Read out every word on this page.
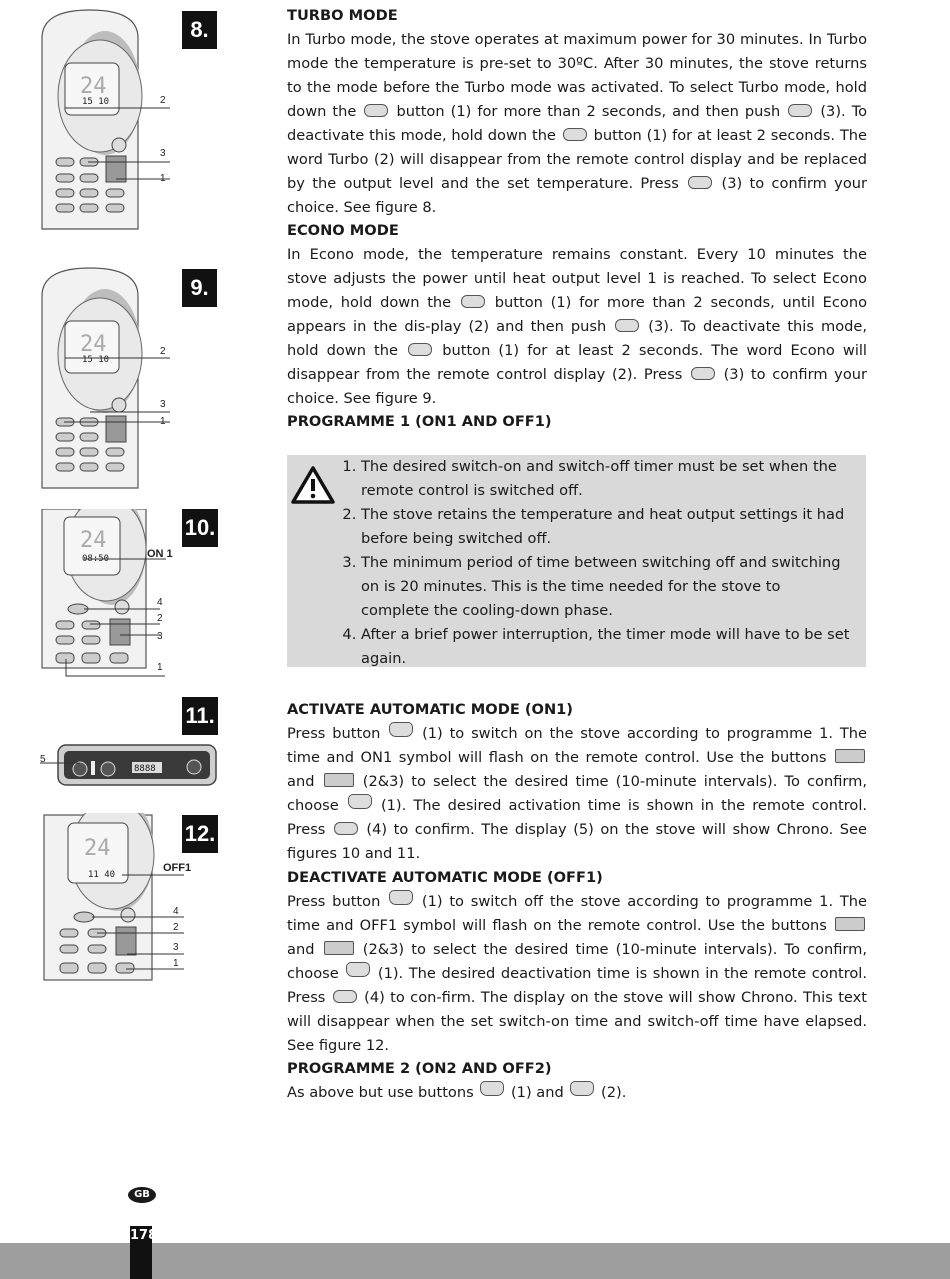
8.
24
15 10	2
3
1
9.
24
15 10
2
3
1
10.
24
08:50	ON 1
4
2
3
1
11.
8888
5
12.
24
11 40
OFF1
4
2
3
1

TURBO MODE

In Turbo mode, the stove operates at maximum power for 30 minutes. In Turbo mode the temperature is pre-set to 30ºC. After 30 minutes, the stove returns to the mode before the Turbo mode was activated. To select Turbo mode, hold down the	button (1) for more than 2 seconds, and then push	(3). To deactivate this mode, hold down the	button (1) for at least 2 seconds. The word Turbo (2) will disappear from the remote control display and be replaced by the output level and the set temperature. Press	(3) to confirm your choice. See figure 8.

ECONO MODE

In Econo mode, the temperature remains constant. Every 10 minutes the stove adjusts the power until heat output level 1 is reached. To select Econo mode, hold down the	button (1) for more than 2 seconds, until Econo appears in the dis-play (2) and then push	(3). To deactivate this mode, hold down the	button (1) for at least 2 seconds. The word Econo will disappear from the remote control display (2). Press	(3) to confirm your choice. See figure 9.

PROGRAMME 1 (ON1 AND OFF1)

1. The desired switch-on and switch-off timer must be set when the remote control is switched off.
2. The stove retains the temperature and heat output settings it had before being switched off.
3. The minimum period of time between switching off and switching on is 20 minutes. This is the time needed for the stove to complete the cooling-down phase.
4. After a brief power interruption, the timer mode will have to be set again.

ACTIVATE AUTOMATIC MODE (ON1)

Press button	(1) to switch on the stove according to programme 1. The time and ON1 symbol will flash on the remote control. Use the buttons  and	(2&3) to select the desired time (10-minute intervals). To confirm, choose	(1). The desired activation time is shown in the remote control. Press	(4) to confirm. The display (5) on the stove will show Chrono. See figures 10 and 11.

DEACTIVATE AUTOMATIC MODE (OFF1)

Press button	(1) to switch off the stove according to programme 1. The time and OFF1 symbol will flash on the remote control. Use the buttons  and	(2&3) to select the desired time (10-minute intervals). To confirm, choose	(1). The desired deactivation time is shown in the remote control. Press	(4) to con-firm. The display on the stove will show Chrono. This text will disappear when the set switch-on time and switch-off time have elapsed. See figure 12.

PROGRAMME 2 (ON2 AND OFF2)

As above but use buttons	(1) and	(2).

GB
178
